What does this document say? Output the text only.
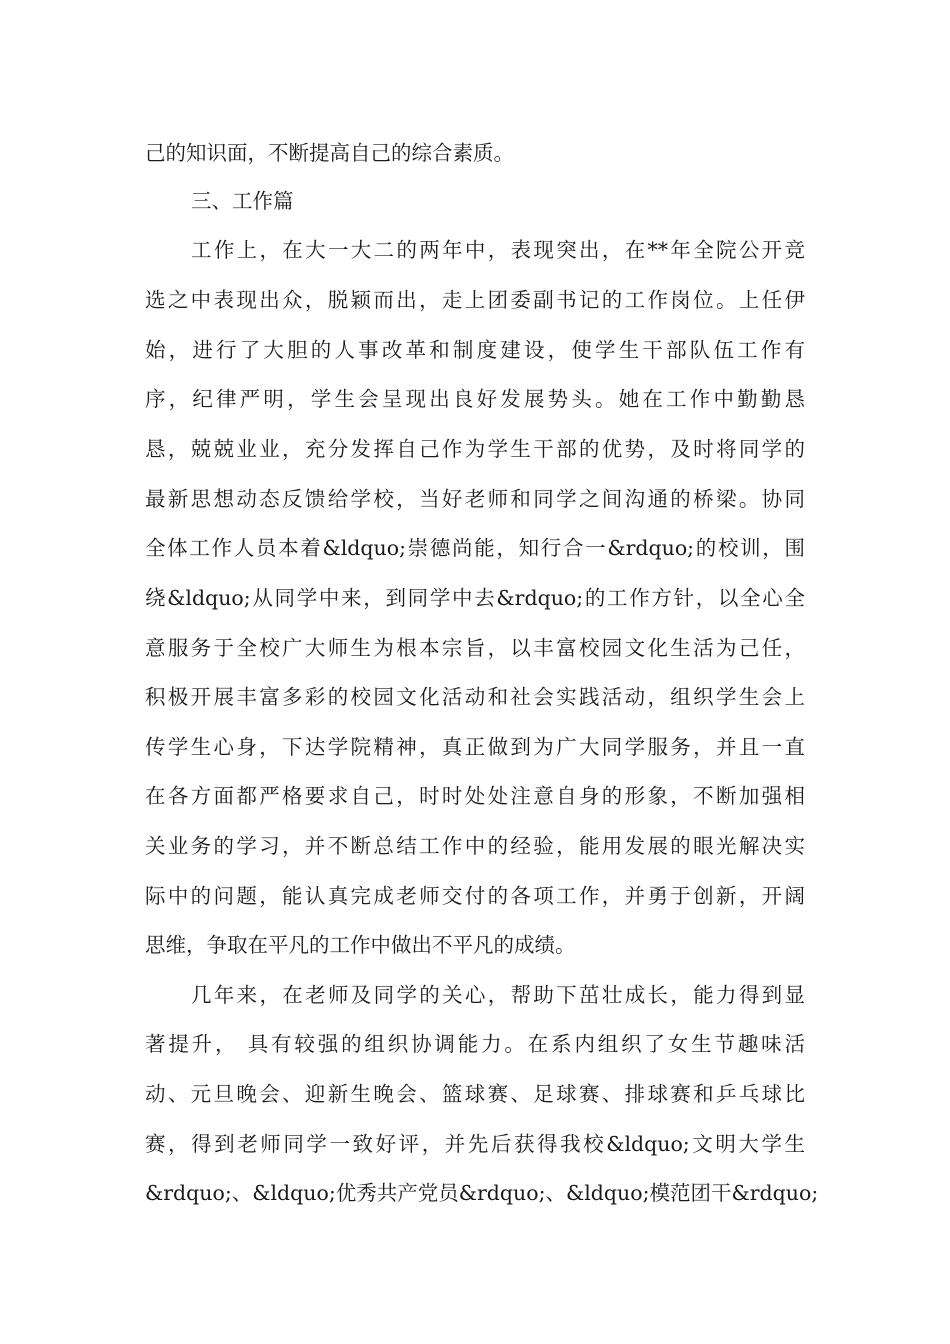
己的知识面，不断提高自己的综合素质。
三、工作篇
工作上，在大一大二的两年中，表现突出，在**年全院公开竞
选之中表现出众，脱颖而出，走上团委副书记的工作岗位。上任伊
始，进行了大胆的人事改革和制度建设，使学生干部队伍工作有
序，纪律严明，学生会呈现出良好发展势头。她在工作中勤勤恳
恳，兢兢业业，充分发挥自己作为学生干部的优势，及时将同学的
最新思想动态反馈给学校，当好老师和同学之间沟通的桥梁。协同
全体工作人员本着&ldquo;崇德尚能，知行合一&rdquo;的校训，围
绕&ldquo;从同学中来，到同学中去&rdquo;的工作方针，以全心全
意服务于全校广大师生为根本宗旨，以丰富校园文化生活为己任，
积极开展丰富多彩的校园文化活动和社会实践活动，组织学生会上
传学生心身，下达学院精神，真正做到为广大同学服务，并且一直
在各方面都严格要求自己，时时处处注意自身的形象，不断加强相
关业务的学习，并不断总结工作中的经验，能用发展的眼光解决实
际中的问题，能认真完成老师交付的各项工作，并勇于创新，开阔
思维，争取在平凡的工作中做出不平凡的成绩。
几年来，在老师及同学的关心，帮助下茁壮成长，能力得到显
著提升， 具有较强的组织协调能力。在系内组织了女生节趣味活
动、元旦晚会、迎新生晚会、篮球赛、足球赛、排球赛和乒乓球比
赛，得到老师同学一致好评，并先后获得我校&ldquo;文明大学生
&rdquo;、&ldquo;优秀共产党员&rdquo;、&ldquo;模范团干&rdquo;
